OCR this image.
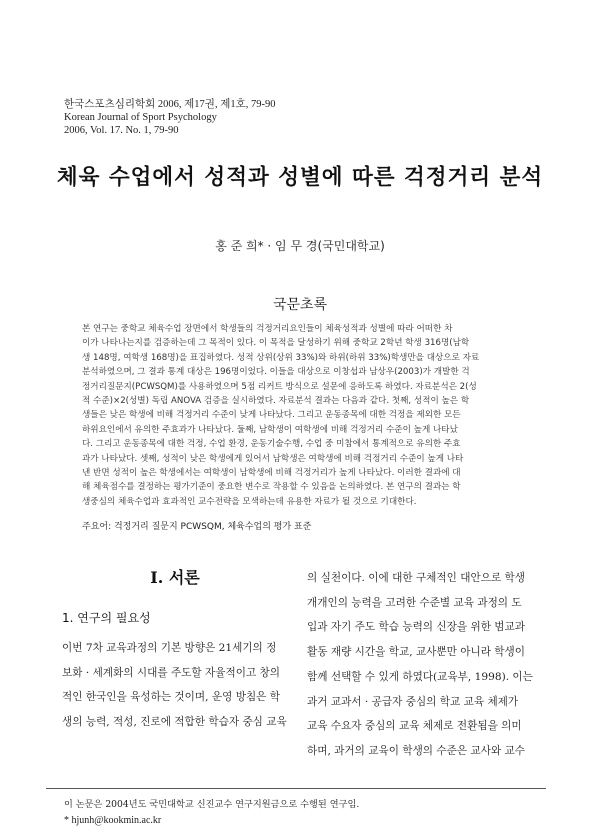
한국스포츠심리학회 2006, 제17권, 제1호, 79-90
Korean Journal of Sport Psychology
2006, Vol. 17. No. 1, 79-90
체육 수업에서 성적과 성별에 따른 걱정거리 분석
홍 준 희* · 임 무 경(국민대학교)
국문초록
본 연구는 중학교 체육수업 장면에서 학생들의 걱정거리요인들이 체육성적과 성별에 따라 어떠한 차
이가 나타나는지를 검증하는데 그 목적이 있다. 이 목적을 달성하기 위해 중학교 2학년 학생 316명(남학
생 148명, 여학생 168명)을 표집하였다. 성적 상위(상위 33%)와 하위(하위 33%)학생만을 대상으로 자료
분석하였으며, 그 결과 통계 대상은 196명이었다. 이들을 대상으로 이창섭과 남상우(2003)가 개발한 걱
정거리질문지(PCWSQM)를 사용하였으며 5점 리커트 방식으로 설문에 응하도록 하였다. 자료분석은 2(성
적 수준)×2(성별) 독립 ANOVA 검증을 실시하였다. 자료분석 결과는 다음과 같다. 첫째, 성적이 높은 학
생들은 낮은 학생에 비해 걱정거리 수준이 낮게 나타났다. 그리고 운동종목에 대한 걱정을 제외한 모든
하위요인에서 유의한 주효과가 나타났다. 둘째, 남학생이 여학생에 비해 걱정거리 수준이 높게 나타났
다. 그리고 운동종목에 대한 걱정, 수업 환경, 운동기술수행, 수업 중 미참에서 통계적으로 유의한 주효
과가 나타났다. 셋째, 성적이 낮은 학생에게 있어서 남학생은 여학생에 비해 걱정거리 수준이 높게 나타
낸 반면 성적이 높은 학생에서는 여학생이 남학생에 비해 걱정거리가 높게 나타났다. 이러한 결과에 대
해 체육점수를 결정하는 평가기준이 중요한 변수로 작용할 수 있음을 논의하였다. 본 연구의 결과는 학
생중심의 체육수업과 효과적인 교수전략을 모색하는데 유용한 자료가 될 것으로 기대한다.
주요어: 걱정거리 질문지 PCWSQM, 체육수업의 평가 표준
Ⅰ. 서론
1. 연구의 필요성
이번 7차 교육과정의 기본 방향은 21세기의 정
보화 · 세계화의 시대를 주도할 자율적이고 창의
적인 한국인을 육성하는 것이며, 운영 방침은 학
생의 능력, 적성, 진로에 적합한 학습자 중심 교육
의 실천이다. 이에 대한 구체적인 대안으로 학생
개개인의 능력을 고려한 수준별 교육 과정의 도
입과 자기 주도 학습 능력의 신장을 위한 범교과
활동 재량 시간을 학교, 교사뿐만 아니라 학생이
함께 선택할 수 있게 하였다(교육부, 1998). 이는
과거 교과서 · 공급자 중심의 학교 교육 체제가
교육 수요자 중심의 교육 체제로 전환됨을 의미
하며, 과거의 교육이 학생의 수준은 교사와 교수
이 논문은 2004년도 국민대학교 신진교수 연구지원금으로 수행된 연구임.
* hjunh@kookmin.ac.kr
